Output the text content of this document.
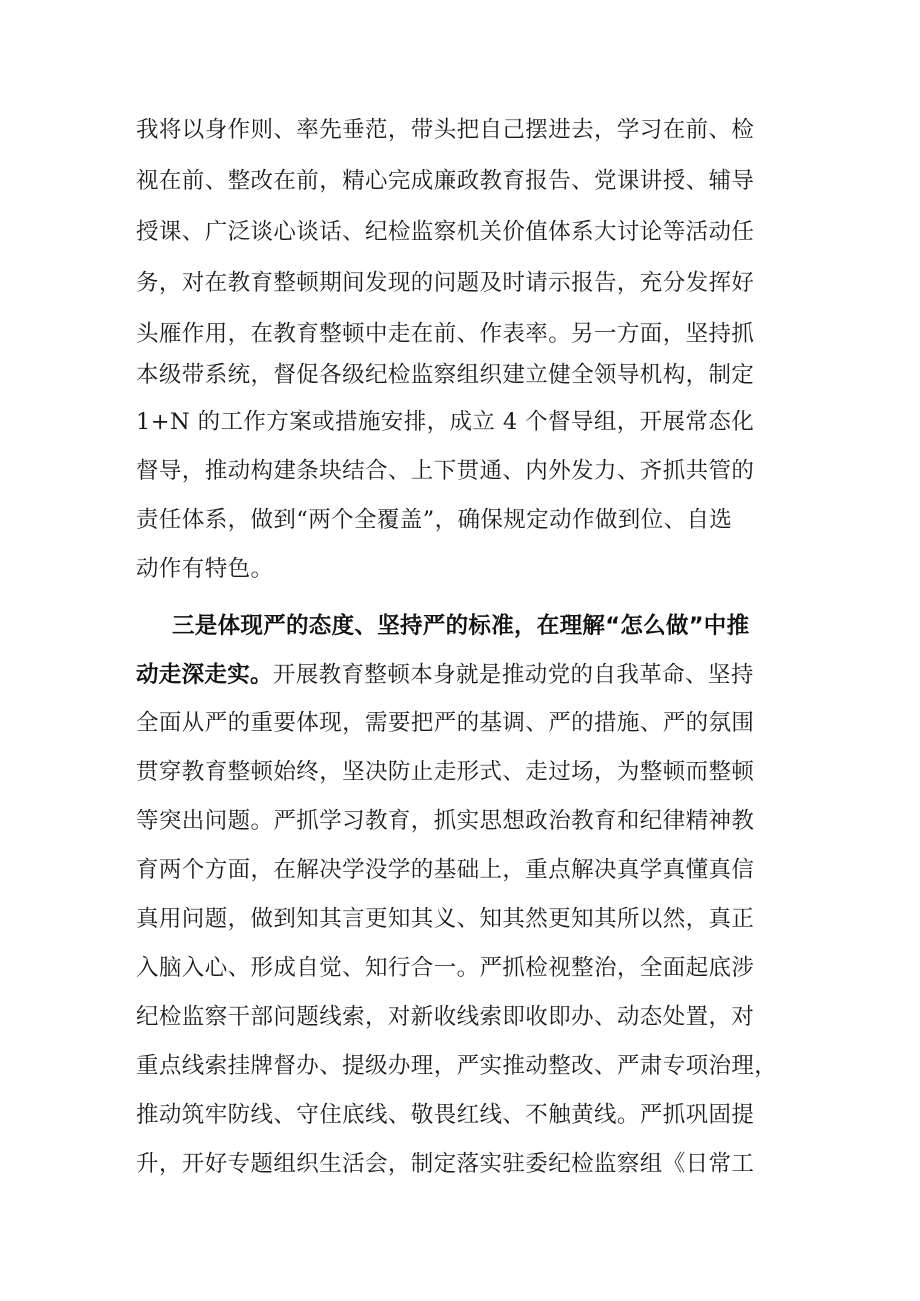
我将以身作则、率先垂范，带头把自己摆进去，学习在前、检
视在前、整改在前，精心完成廉政教育报告、党课讲授、辅导
授课、广泛谈心谈话、纪检监察机关价值体系大讨论等活动任
务，对在教育整顿期间发现的问题及时请示报告，充分发挥好
头雁作用，在教育整顿中走在前、作表率。另一方面，坚持抓
本级带系统，督促各级纪检监察组织建立健全领导机构，制定
1+N 的工作方案或措施安排，成立 4 个督导组，开展常态化
督导，推动构建条块结合、上下贯通、内外发力、齐抓共管的
责任体系，做到“两个全覆盖”，确保规定动作做到位、自选
动作有特色。
三是体现严的态度、坚持严的标准，在理解“怎么做”中推
动走深走实。开展教育整顿本身就是推动党的自我革命、坚持
全面从严的重要体现，需要把严的基调、严的措施、严的氛围
贯穿教育整顿始终，坚决防止走形式、走过场，为整顿而整顿
等突出问题。严抓学习教育，抓实思想政治教育和纪律精神教
育两个方面，在解决学没学的基础上，重点解决真学真懂真信
真用问题，做到知其言更知其义、知其然更知其所以然，真正
入脑入心、形成自觉、知行合一。严抓检视整治，全面起底涉
纪检监察干部问题线索，对新收线索即收即办、动态处置，对
重点线索挂牌督办、提级办理，严实推动整改、严肃专项治理，
推动筑牢防线、守住底线、敬畏红线、不触黄线。严抓巩固提
升，开好专题组织生活会，制定落实驻委纪检监察组《日常工
